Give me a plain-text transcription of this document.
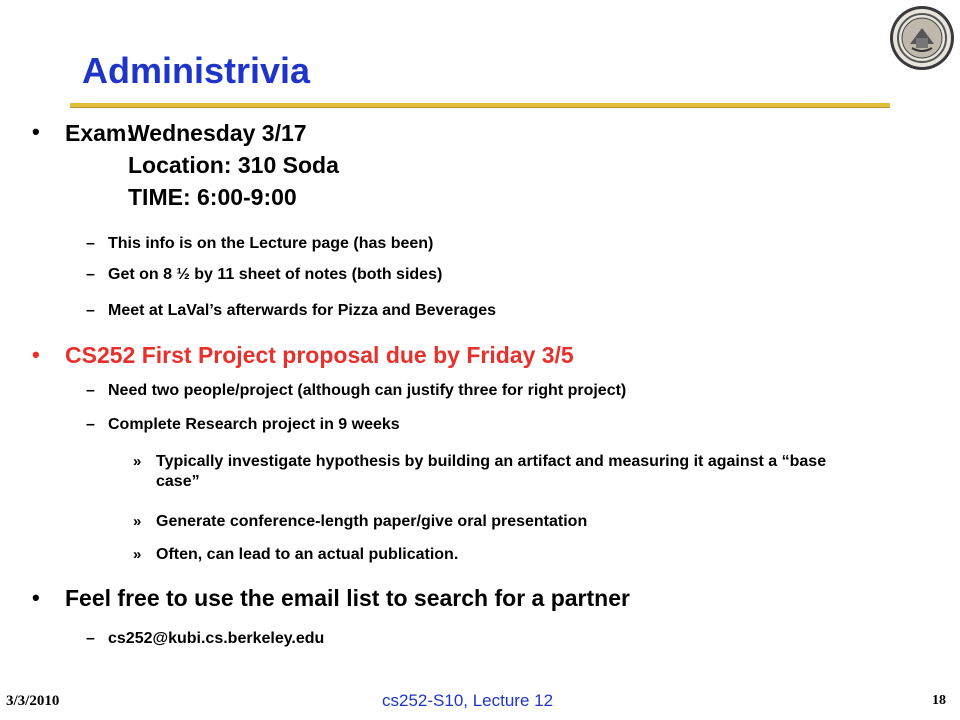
Administrivia
• Exam:
Wednesday 3/17
Location: 310 Soda
TIME: 6:00-9:00
– This info is on the Lecture page (has been)
– Get on 8 ½ by 11 sheet of notes (both sides)
– Meet at LaVal’s afterwards for Pizza and Beverages
• CS252 First Project proposal due by Friday 3/5
– Need two people/project (although can justify three for right project)
– Complete Research project in 9 weeks
» Typically investigate hypothesis by building an artifact and measuring it against a “base case”
» Generate conference-length paper/give oral presentation
» Often, can lead to an actual publication.
• Feel free to use the email list to search for a partner
– cs252@kubi.cs.berkeley.edu
3/3/2010	cs252-S10, Lecture 12	18
